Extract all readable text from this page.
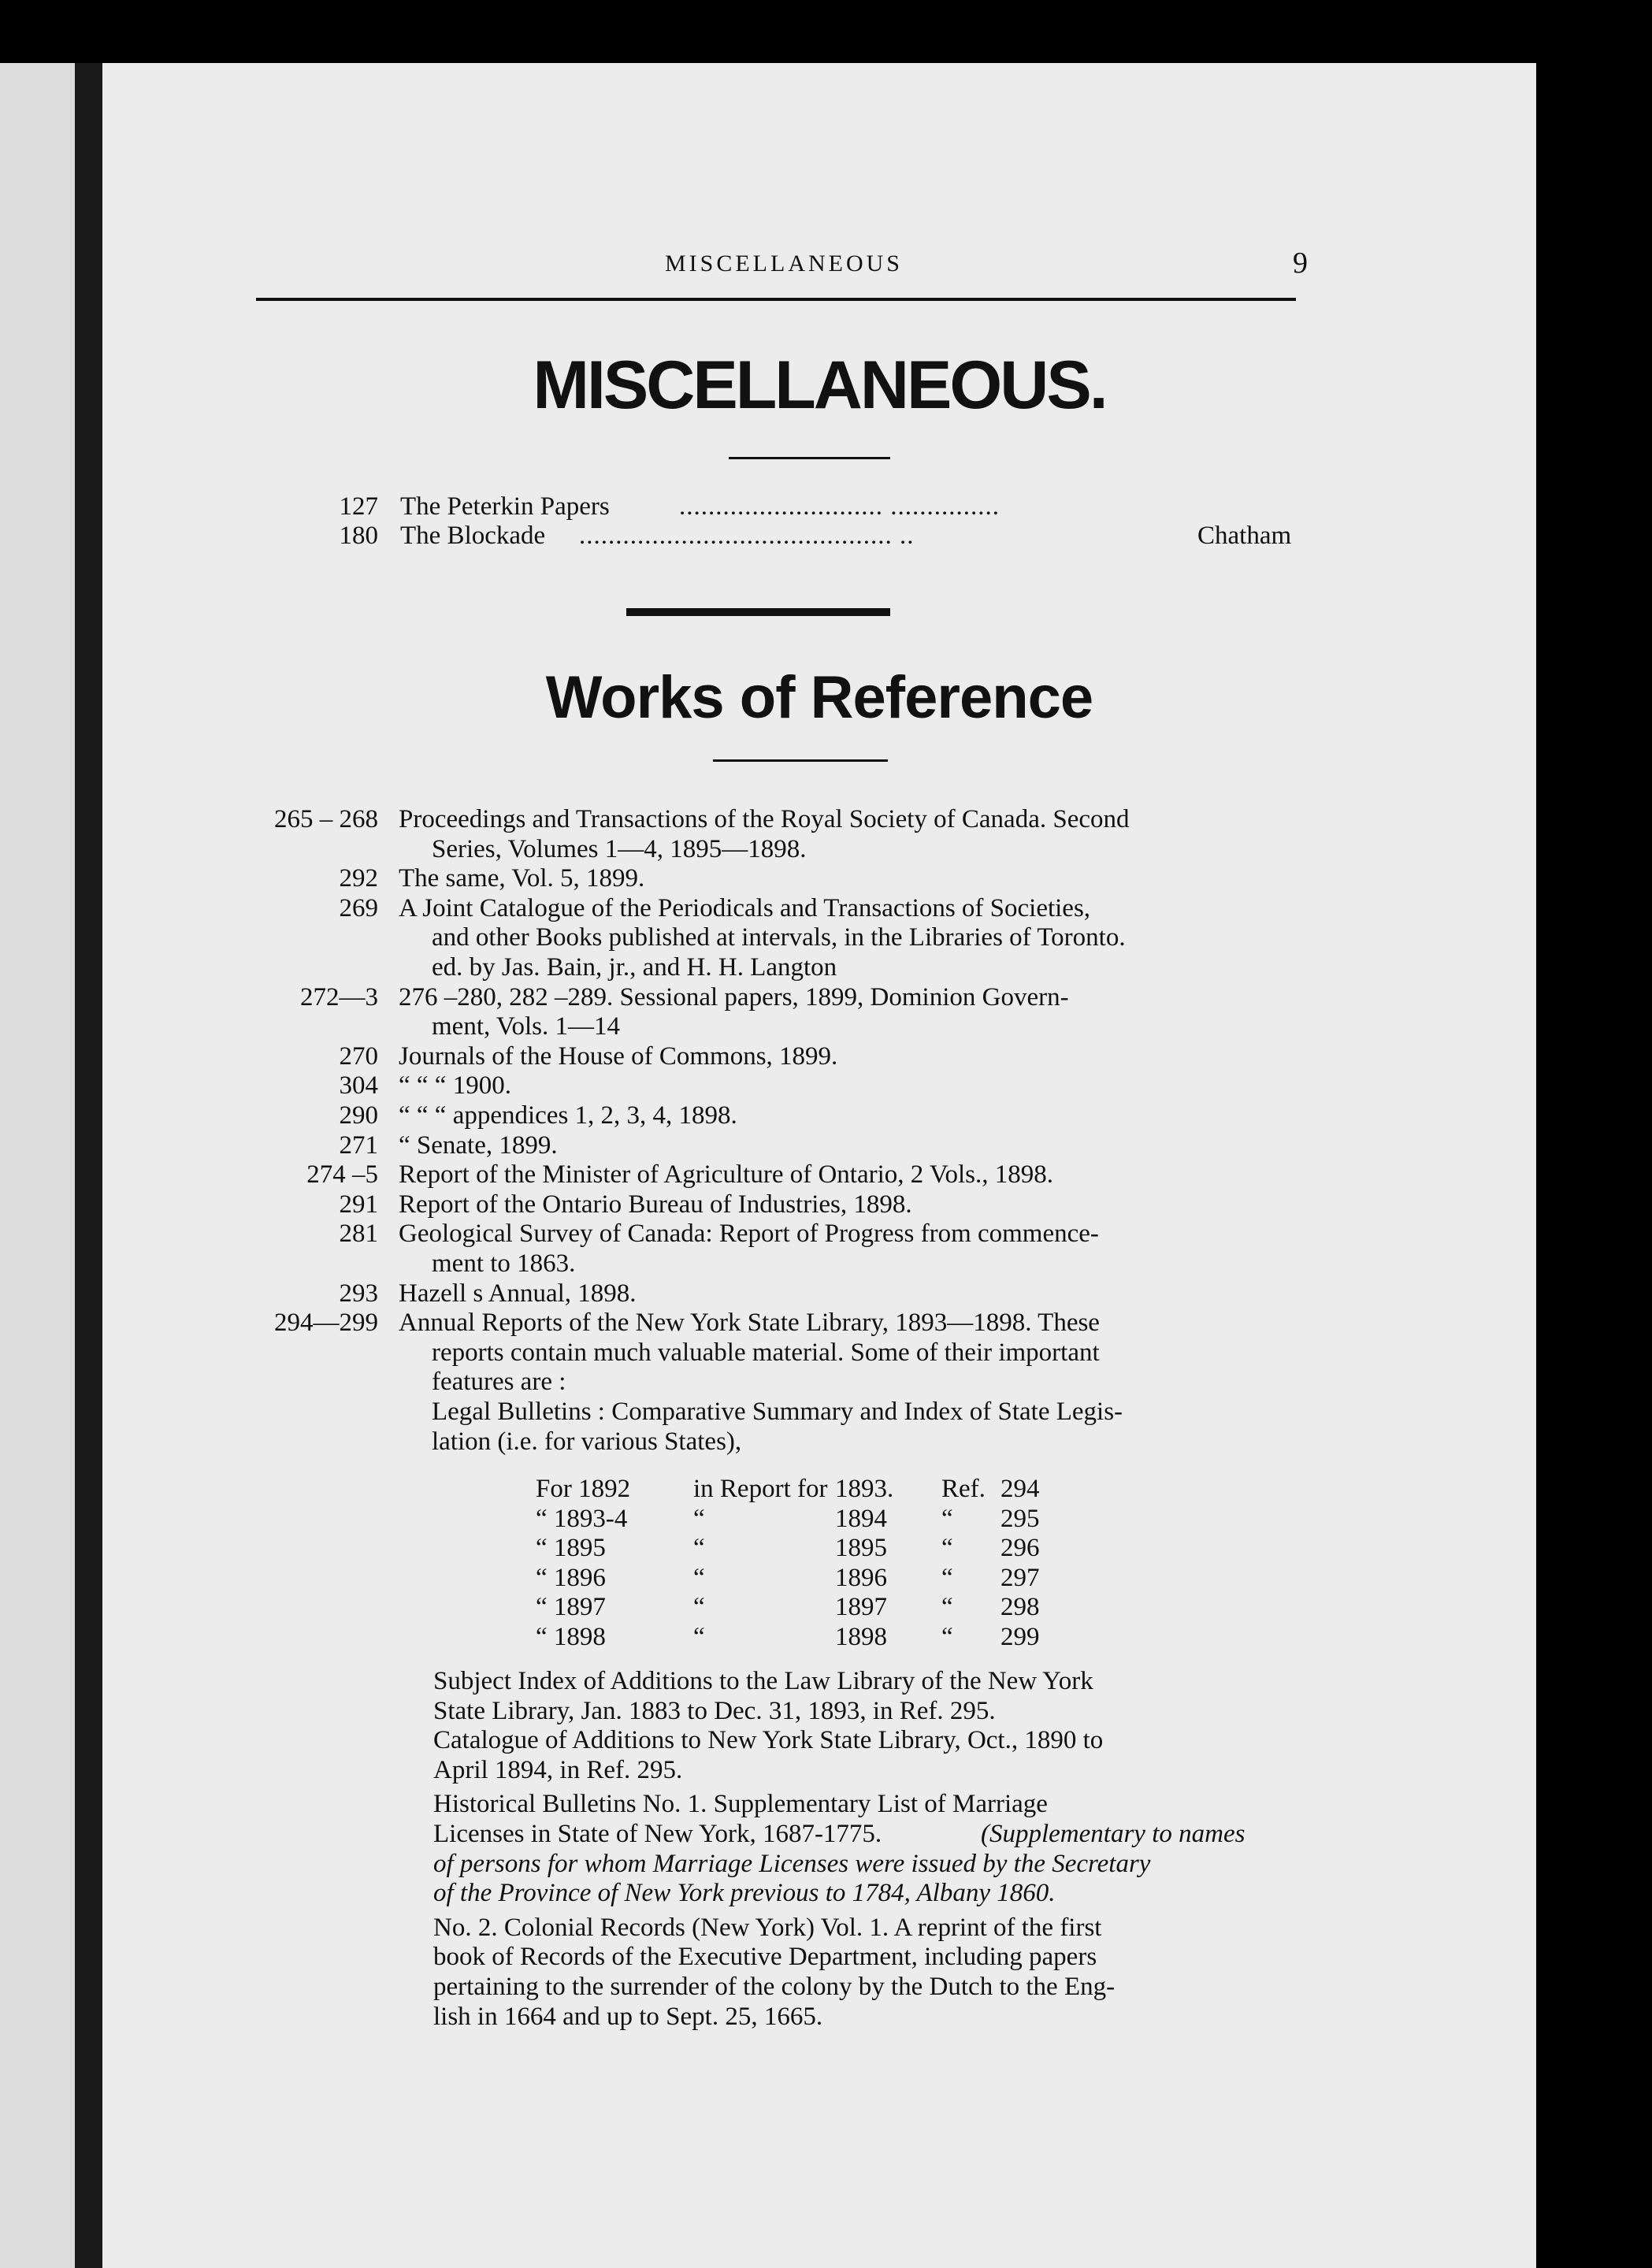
MISCELLANEOUS	9
MISCELLANEOUS.
127 The Peterkin Papers	............................ ...............
180 The Blockade ........................................... ..	Chatham
Works of Reference
265 – 268 Proceedings and Transactions of the Royal Society of Canada. Second
Series, Volumes 1—4, 1895—1898.
292 The same, Vol. 5, 1899.
269 A Joint Catalogue of the Periodicals and Transactions of Societies,
and other Books published at intervals, in the Libraries of Toronto.
ed. by Jas. Bain, jr., and H. H. Langton
272—3 276 –280, 282 –289. Sessional papers, 1899, Dominion Govern-
ment, Vols. 1—14
270 Journals of the House of Commons, 1899.
304 “ “ “ 1900.
290 “ “ “ appendices 1, 2, 3, 4, 1898.
271 “ Senate, 1899.
274 –5 Report of the Minister of Agriculture of Ontario, 2 Vols., 1898.
291 Report of the Ontario Bureau of Industries, 1898.
281 Geological Survey of Canada: Report of Progress from commence-
ment to 1863.
293 Hazell s Annual, 1898.
294—299 Annual Reports of the New York State Library, 1893—1898. These
reports contain much valuable material. Some of their important
features are :
Legal Bulletins : Comparative Summary and Index of State Legis-
lation (i.e. for various States),
For 1892 in Report for 1893. Ref. 294
“ 1893-4	“	1894 “ 295
“ 1895	“	1895 “ 296
“ 1896	“	1896 “ 297
“ 1897	“	1897 “ 298
“ 1898	“	1898 “ 299
Subject Index of Additions to the Law Library of the New York
State Library, Jan. 1883 to Dec. 31, 1893, in Ref. 295.
Catalogue of Additions to New York State Library, Oct., 1890 to
April 1894, in Ref. 295.
Historical Bulletins No. 1. Supplementary List of Marriage
Licenses in State of New York, 1687-1775.	(Supplementary to names
of persons for whom Marriage Licenses were issued by the Secretary
of the Province of New York previous to 1784, Albany 1860.
No. 2. Colonial Records (New York) Vol. 1. A reprint of the first
book of Records of the Executive Department, including papers
pertaining to the surrender of the colony by the Dutch to the Eng-
lish in 1664 and up to Sept. 25, 1665.
